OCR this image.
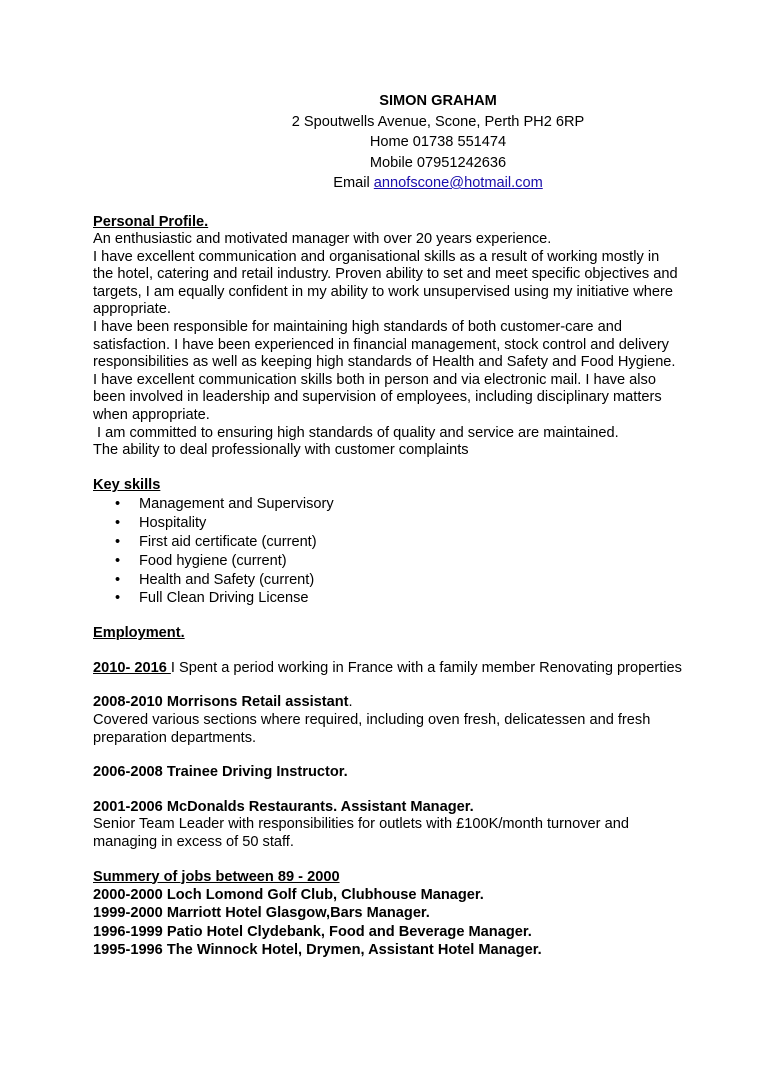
SIMON GRAHAM
2 Spoutwells Avenue, Scone, Perth PH2 6RP
Home 01738 551474
Mobile 07951242636
Email annofscone@hotmail.com

Personal Profile.

An enthusiastic and motivated manager with over 20 years experience.

I have excellent communication and organisational skills as a result of working mostly in the hotel, catering and retail industry. Proven ability to set and meet specific objectives and targets, I am equally confident in my ability to work unsupervised using my initiative where appropriate.

I have been responsible for maintaining high standards of both customer-care and satisfaction. I have been experienced in financial management, stock control and delivery responsibilities as well as keeping high standards of Health and Safety and Food Hygiene. I have excellent communication skills both in person and via electronic mail. I have also been involved in leadership and supervision of employees, including disciplinary matters when appropriate.

I am committed to ensuring high standards of quality and service are maintained.

The ability to deal professionally with customer complaints

Key skills

• Management and Supervisory
• Hospitality
• First aid certificate (current)
• Food hygiene (current)
• Health and Safety (current)
• Full Clean Driving License

Employment.

2010- 2016 I Spent a period working in France with a family member Renovating properties

2008-2010 Morrisons Retail assistant.

Covered various sections where required, including oven fresh, delicatessen and fresh preparation departments.

2006-2008 Trainee Driving Instructor.

2001-2006 McDonalds Restaurants. Assistant Manager.

Senior Team Leader with responsibilities for outlets with £100K/month turnover and managing in excess of 50 staff.

Summery of jobs between 89 - 2000

2000-2000 Loch Lomond Golf Club, Clubhouse Manager.

1999-2000 Marriott Hotel Glasgow,Bars Manager.

1996-1999 Patio Hotel Clydebank, Food and Beverage Manager.

1995-1996 The Winnock Hotel, Drymen, Assistant Hotel Manager.
